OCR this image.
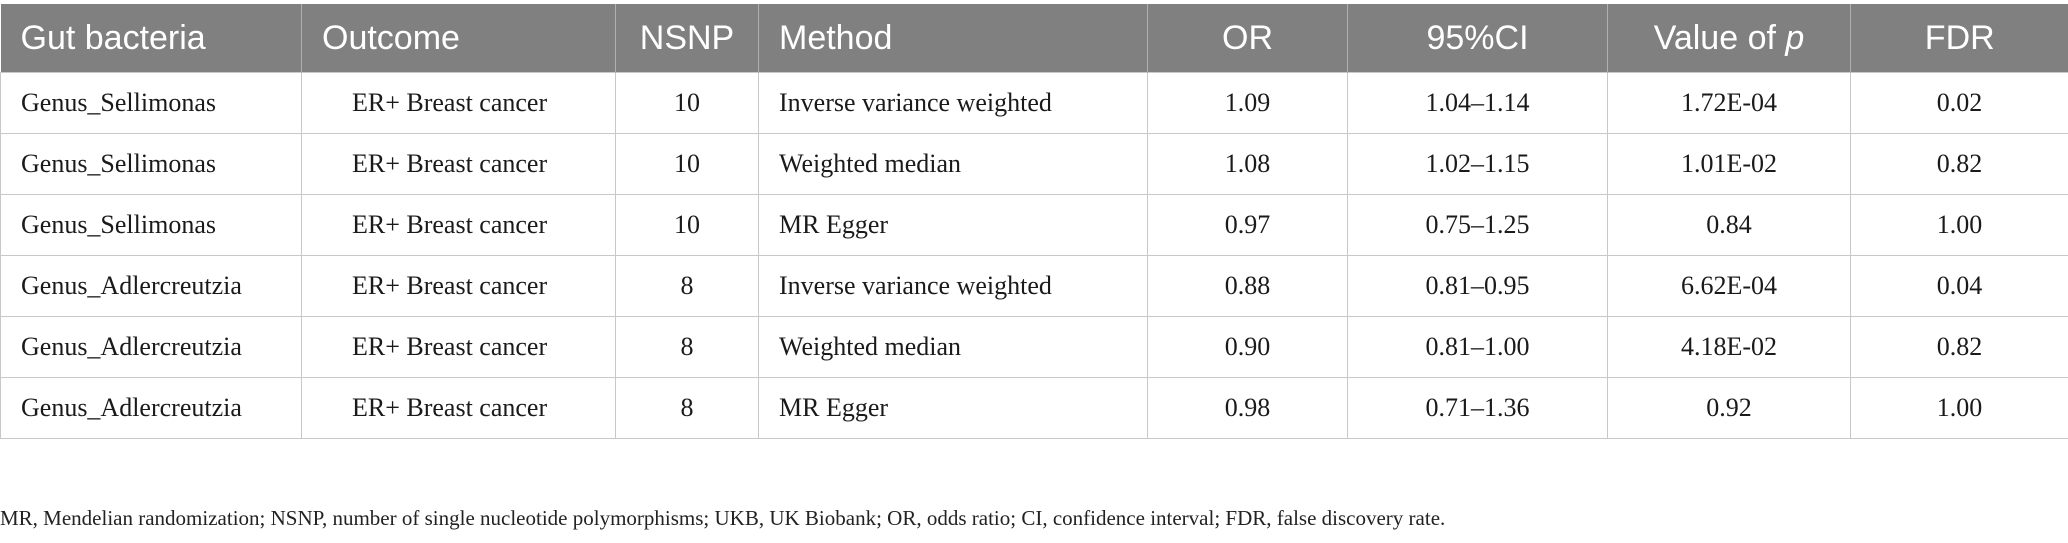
Gut bacteria	Outcome	NSNP	Method	OR	95%CI	Value of p	FDR
Genus_Sellimonas	ER+ Breast cancer	10	Inverse variance weighted	1.09	1.04–1.14	1.72E-04	0.02
Genus_Sellimonas	ER+ Breast cancer	10	Weighted median	1.08	1.02–1.15	1.01E-02	0.82
Genus_Sellimonas	ER+ Breast cancer	10	MR Egger	0.97	0.75–1.25	0.84	1.00
Genus_Adlercreutzia	ER+ Breast cancer	8	Inverse variance weighted	0.88	0.81–0.95	6.62E-04	0.04
Genus_Adlercreutzia	ER+ Breast cancer	8	Weighted median	0.90	0.81–1.00	4.18E-02	0.82
Genus_Adlercreutzia	ER+ Breast cancer	8	MR Egger	0.98	0.71–1.36	0.92	1.00
MR, Mendelian randomization; NSNP, number of single nucleotide polymorphisms; UKB, UK Biobank; OR, odds ratio; CI, confidence interval; FDR, false discovery rate.
